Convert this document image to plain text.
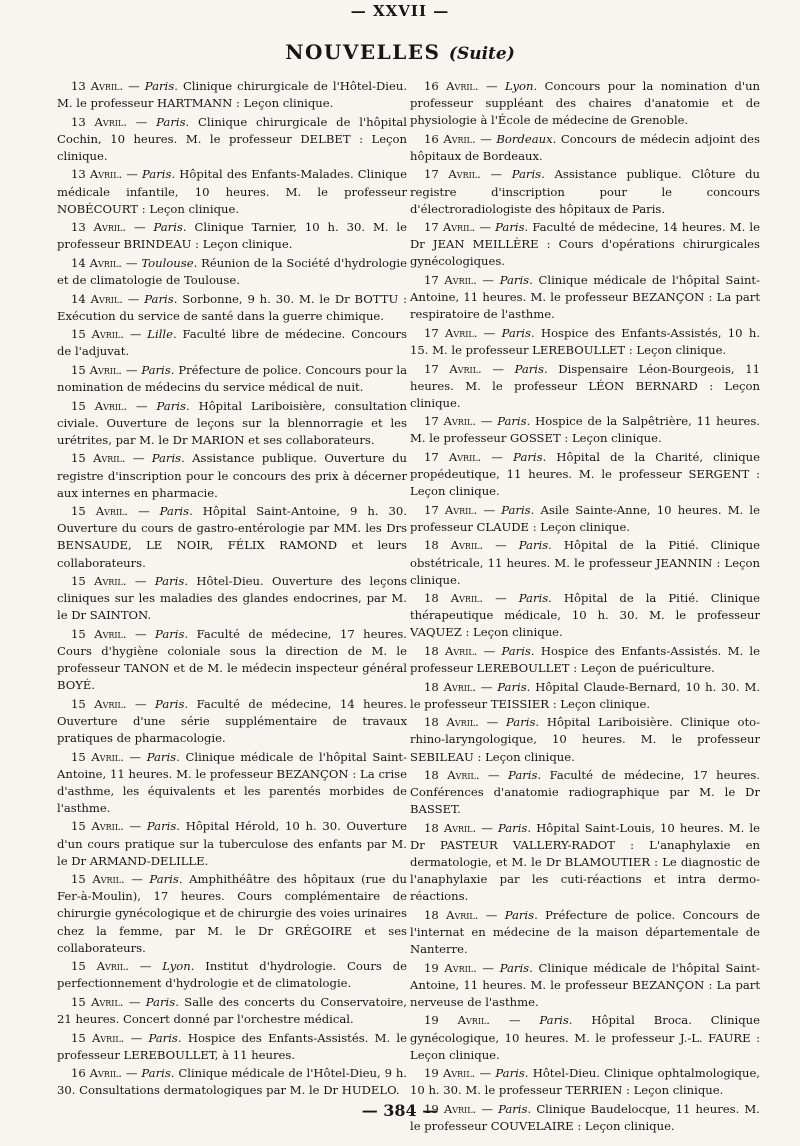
— XXVII —
NOUVELLES (Suite)

13 Avril. — Paris. Clinique chirurgicale de l'Hôtel-Dieu. M. le professeur HARTMANN : Leçon clinique.

13 Avril. — Paris. Clinique chirurgicale de l'hôpital Cochin, 10 heures. M. le professeur DELBET : Leçon clinique.

13 Avril. — Paris. Hôpital des Enfants-Malades. Clinique médicale infantile, 10 heures. M. le professeur NOBÉCOURT : Leçon clinique.

13 Avril. — Paris. Clinique Tarnier, 10 h. 30. M. le professeur BRINDEAU : Leçon clinique.

14 Avril. — Toulouse. Réunion de la Société d'hydrologie et de climatologie de Toulouse.

14 Avril. — Paris. Sorbonne, 9 h. 30. M. le Dr BOTTU : Exécution du service de santé dans la guerre chimique.

15 Avril. — Lille. Faculté libre de médecine. Concours de l'adjuvat.

15 Avril. — Paris. Préfecture de police. Concours pour la nomination de médecins du service médical de nuit.

15 Avril. — Paris. Hôpital Lariboisière, consultation civiale. Ouverture de leçons sur la blennorragie et les urétrites, par M. le Dr MARION et ses collaborateurs.

15 Avril. — Paris. Assistance publique. Ouverture du registre d'inscription pour le concours des prix à décerner aux internes en pharmacie.

15 Avril. — Paris. Hôpital Saint-Antoine, 9 h. 30. Ouverture du cours de gastro-entérologie par MM. les Drs BENSAUDE, LE NOIR, FÉLIX RAMOND et leurs collaborateurs.

15 Avril. — Paris. Hôtel-Dieu. Ouverture des leçons cliniques sur les maladies des glandes endocrines, par M. le Dr SAINTON.

15 Avril. — Paris. Faculté de médecine, 17 heures. Cours d'hygiène coloniale sous la direction de M. le professeur TANON et de M. le médecin inspecteur général BOYÉ.

15 Avril. — Paris. Faculté de médecine, 14 heures. Ouverture d'une série supplémentaire de travaux pratiques de pharmacologie.

15 Avril. — Paris. Clinique médicale de l'hôpital Saint-Antoine, 11 heures. M. le professeur BEZANÇON : La crise d'asthme, les équivalents et les parentés morbides de l'asthme.

15 Avril. — Paris. Hôpital Hérold, 10 h. 30. Ouverture d'un cours pratique sur la tuberculose des enfants par M. le Dr ARMAND-DELILLE.

15 Avril. — Paris. Amphithéâtre des hôpitaux (rue du Fer-à-Moulin), 17 heures. Cours complémentaire de chirurgie gynécologique et de chirurgie des voies urinaires chez la femme, par M. le Dr GRÉGOIRE et ses collaborateurs.

15 Avril. — Lyon. Institut d'hydrologie. Cours de perfectionnement d'hydrologie et de climatologie.

15 Avril. — Paris. Salle des concerts du Conservatoire, 21 heures. Concert donné par l'orchestre médical.

15 Avril. — Paris. Hospice des Enfants-Assistés. M. le professeur LEREBOULLET, à 11 heures.

16 Avril. — Paris. Clinique médicale de l'Hôtel-Dieu, 9 h. 30. Consultations dermatologiques par M. le Dr HUDELO.

16 Avril. — Lyon. Concours pour la nomination d'un professeur suppléant des chaires d'anatomie et de physiologie à l'École de médecine de Grenoble.

16 Avril. — Bordeaux. Concours de médecin adjoint des hôpitaux de Bordeaux.

17 Avril. — Paris. Assistance publique. Clôture du registre d'inscription pour le concours d'électroradiologiste des hôpitaux de Paris.

17 Avril. — Paris. Faculté de médecine, 14 heures. M. le Dr JEAN MEILLÈRE : Cours d'opérations chirurgicales gynécologiques.

17 Avril. — Paris. Clinique médicale de l'hôpital Saint-Antoine, 11 heures. M. le professeur BEZANÇON : La part respiratoire de l'asthme.

17 Avril. — Paris. Hospice des Enfants-Assistés, 10 h. 15. M. le professeur LEREBOULLET : Leçon clinique.

17 Avril. — Paris. Dispensaire Léon-Bourgeois, 11 heures. M. le professeur LÉON BERNARD : Leçon clinique.

17 Avril. — Paris. Hospice de la Salpêtrière, 11 heures. M. le professeur GOSSET : Leçon clinique.

17 Avril. — Paris. Hôpital de la Charité, clinique propédeutique, 11 heures. M. le professeur SERGENT : Leçon clinique.

17 Avril. — Paris. Asile Sainte-Anne, 10 heures. M. le professeur CLAUDE : Leçon clinique.

18 Avril. — Paris. Hôpital de la Pitié. Clinique obstétricale, 11 heures. M. le professeur JEANNIN : Leçon clinique.

18 Avril. — Paris. Hôpital de la Pitié. Clinique thérapeutique médicale, 10 h. 30. M. le professeur VAQUEZ : Leçon clinique.

18 Avril. — Paris. Hospice des Enfants-Assistés. M. le professeur LEREBOULLET : Leçon de puériculture.

18 Avril. — Paris. Hôpital Claude-Bernard, 10 h. 30. M. le professeur TEISSIER : Leçon clinique.

18 Avril. — Paris. Hôpital Lariboisière. Clinique oto-rhino-laryngologique, 10 heures. M. le professeur SEBILEAU : Leçon clinique.

18 Avril. — Paris. Faculté de médecine, 17 heures. Conférences d'anatomie radiographique par M. le Dr BASSET.

18 Avril. — Paris. Hôpital Saint-Louis, 10 heures. M. le Dr PASTEUR VALLERY-RADOT : L'anaphylaxie en dermatologie, et M. le Dr BLAMOUTIER : Le diagnostic de l'anaphylaxie par les cuti-réactions et intra dermo-réactions.

18 Avril. — Paris. Préfecture de police. Concours de l'internat en médecine de la maison départementale de Nanterre.

19 Avril. — Paris. Clinique médicale de l'hôpital Saint-Antoine, 11 heures. M. le professeur BEZANÇON : La part nerveuse de l'asthme.

19 Avril. — Paris. Hôpital Broca. Clinique gynécologique, 10 heures. M. le professeur J.-L. FAURE : Leçon clinique.

19 Avril. — Paris. Hôtel-Dieu. Clinique ophtalmologique, 10 h. 30. M. le professeur TERRIEN : Leçon clinique.

19 Avril. — Paris. Clinique Baudelocque, 11 heures. M. le professeur COUVELAIRE : Leçon clinique.

— 384 —
